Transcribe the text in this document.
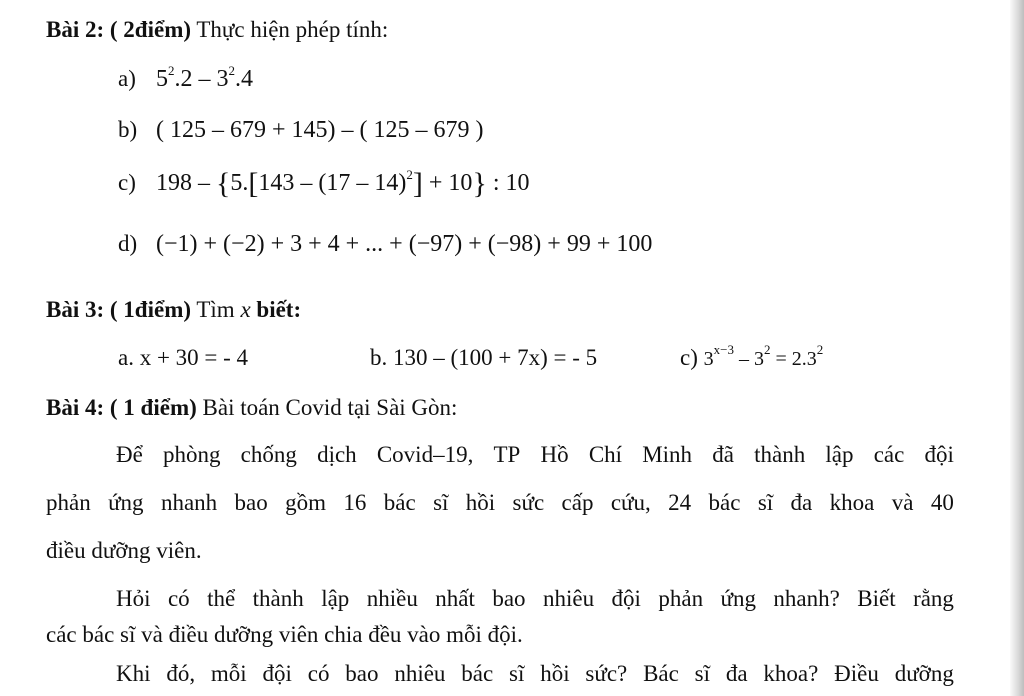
Bài 2: ( 2điểm) Thực hiện phép tính:
a) $5^2.2 - 3^2.4$
b) ( 125 – 679 + 145) – ( 125 – 679 )
c) 198 – {5.[143 – (17 – 14)$^2$] + 10} : 10
d) (−1) + (−2) + 3 + 4 + ... + (−97) + (−98) + 99 + 100
Bài 3: ( 1điểm) Tìm x biết:
a. x + 30 = - 4	b. 130 – (100 + 7x) = - 5	c) $3^{x-3} - 3^2 = 2.3^2$
Bài 4: ( 1 điểm) Bài toán Covid tại Sài Gòn:
Để phòng chống dịch Covid–19, TP Hồ Chí Minh đã thành lập các đội
phản ứng nhanh bao gồm 16 bác sĩ hồi sức cấp cứu, 24 bác sĩ đa khoa và 40
điều dưỡng viên.
Hỏi có thể thành lập nhiều nhất bao nhiêu đội phản ứng nhanh? Biết rằng
các bác sĩ và điều dưỡng viên chia đều vào mỗi đội.
Khi đó, mỗi đội có bao nhiêu bác sĩ hồi sức? Bác sĩ đa khoa? Điều dưỡng
